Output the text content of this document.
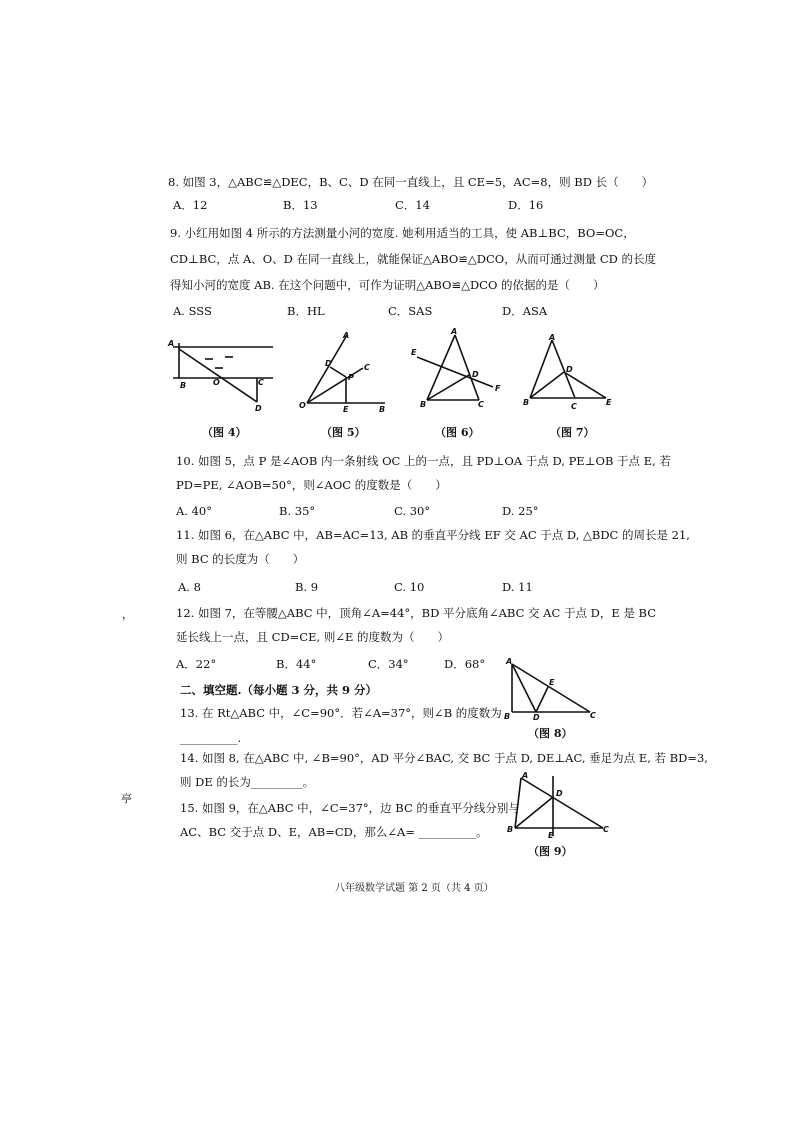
8. 如图 3，△ABC≌△DEC，B、C、D 在同一直线上，且 CE=5，AC=8，则 BD 长（　　）
A．12	B．13	C．14	D．16
9. 小红用如图 4 所示的方法测量小河的宽度. 她利用适当的工具，使 AB⊥BC，BO=OC，
CD⊥BC，点 A、O、D 在同一直线上，就能保证△ABO≌△DCO，从而可通过测量 CD 的长度
得知小河的宽度 AB. 在这个问题中，可作为证明△ABO≌△DCO 的依据的是（　　）
A. SSS	B．HL	C．SAS	D．ASA
A
B	O	C
D
A
D	C
P
O	E	B
A
E
D
F
B	C
A
D
B	C	E
（图 4）	（图 5）	（图 6）	（图 7）
10. 如图 5，点 P 是∠AOB 内一条射线 OC 上的一点，且 PD⊥OA 于点 D, PE⊥OB 于点 E, 若
PD=PE, ∠AOB=50°，则∠AOC 的度数是（　　）
A. 40°	B. 35°	C. 30°	D. 25°
11. 如图 6，在△ABC 中，AB=AC=13, AB 的垂直平分线 EF 交 AC 于点 D, △BDC 的周长是 21,
则 BC 的长度为（　　）
A. 8	B. 9	C. 10	D. 11
，
亭
12. 如图 7，在等腰△ABC 中，顶角∠A=44°，BD 平分底角∠ABC 交 AC 于点 D，E 是 BC
延长线上一点，且 CD=CE, 则∠E 的度数为（　　）
A．22°	B．44°	C．34°	D．68°	A
E
B	D	C
（图 8）
二、填空题.（每小题 3 分，共 9 分）
13. 在 Rt△ABC 中，∠C=90°．若∠A=37°，则∠B 的度数为
__________.
14. 如图 8, 在△ABC 中, ∠B=90°，AD 平分∠BAC, 交 BC 于点 D, DE⊥AC, 垂足为点 E, 若 BD=3,
则 DE 的长为_________。
15. 如图 9，在△ABC 中，∠C=37°，边 BC 的垂直平分线分别与
AC、BC 交于点 D、E，AB=CD，那么∠A= __________。
A
D
B
E
C
（图 9）
八年级数学试题 第 2 页（共 4 页）
